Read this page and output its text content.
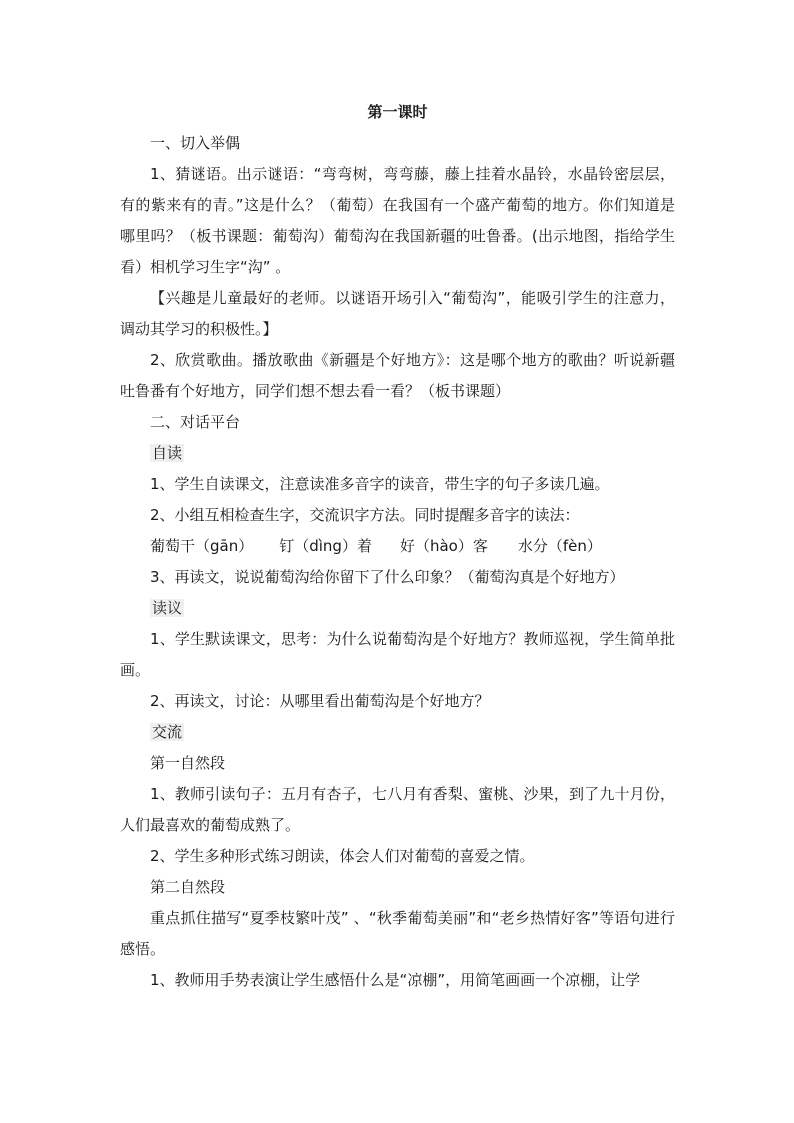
第一课时

一、切入举偶

1、猜谜语。出示谜语：“弯弯树，弯弯藤，藤上挂着水晶铃，水晶铃密层层，有的紫来有的青。”这是什么？（葡萄）在我国有一个盛产葡萄的地方。你们知道是哪里吗？（板书课题：葡萄沟）葡萄沟在我国新疆的吐鲁番。(出示地图，指给学生看）相机学习生字“沟” 。

【兴趣是儿童最好的老师。以谜语开场引入“葡萄沟”，能吸引学生的注意力，调动其学习的积极性。】

2、欣赏歌曲。播放歌曲《新疆是个好地方》：这是哪个地方的歌曲？听说新疆吐鲁番有个好地方，同学们想不想去看一看？（板书课题）

二、对话平台

自读

1、学生自读课文，注意读准多音字的读音，带生字的句子多读几遍。

2、小组互相检查生字，交流识字方法。同时提醒多音字的读法：

葡萄干（gān） 钉（dìng）着 好（hào）客 水分（fèn）

3、再读文，说说葡萄沟给你留下了什么印象？（葡萄沟真是个好地方）

读议

1、学生默读课文，思考：为什么说葡萄沟是个好地方？教师巡视，学生简单批画。

2、再读文，讨论：从哪里看出葡萄沟是个好地方？

交流

第一自然段

1、教师引读句子：五月有杏子，七八月有香梨、蜜桃、沙果，到了九十月份，人们最喜欢的葡萄成熟了。

2、学生多种形式练习朗读，体会人们对葡萄的喜爱之情。

第二自然段

重点抓住描写“夏季枝繁叶茂” 、“秋季葡萄美丽”和“老乡热情好客”等语句进行感悟。

1、教师用手势表演让学生感悟什么是“凉棚”，用简笔画画一个凉棚，让学
